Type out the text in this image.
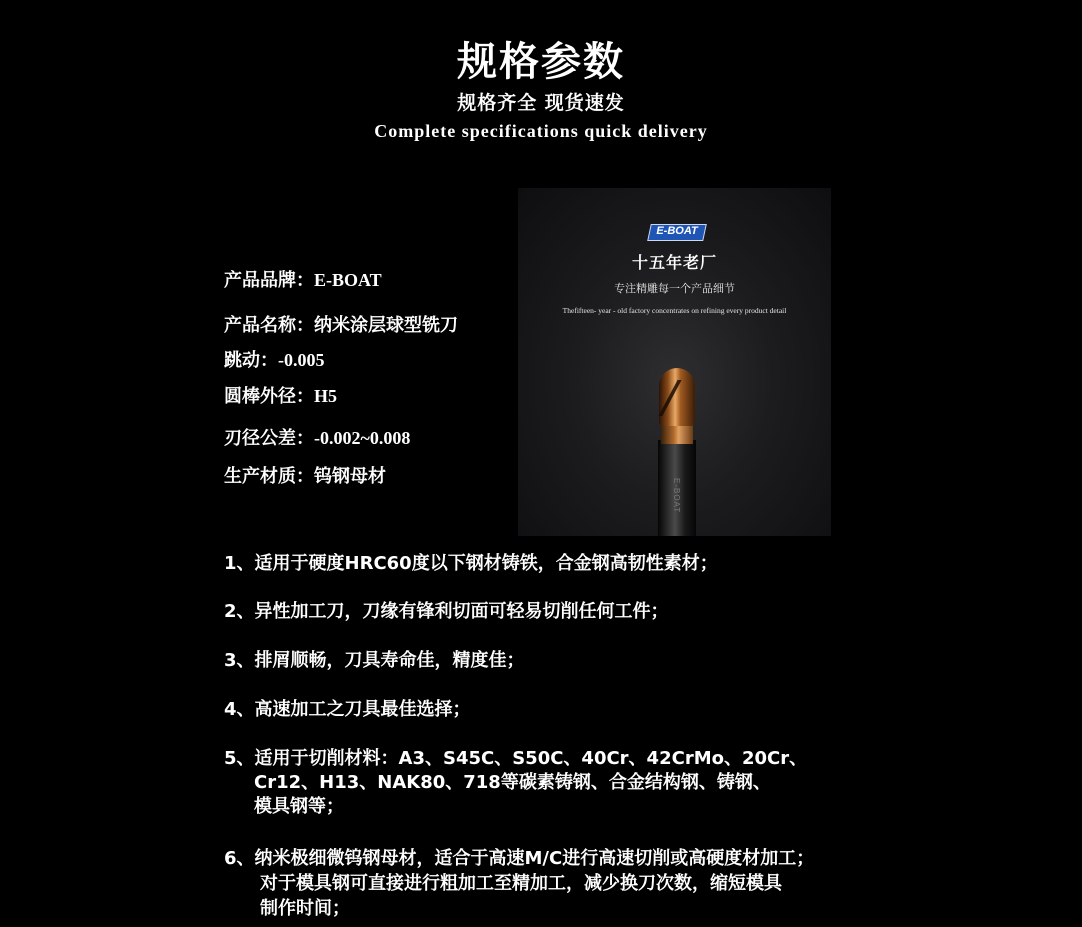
规格参数
规格齐全 现货速发
Complete specifications quick delivery
产品品牌：E-BOAT
产品名称：纳米涂层球型铣刀
跳动：-0.005
圆棒外径：H5
刃径公差：-0.002~0.008
生产材质：钨钢母材
E-BOAT
十五年老厂
专注精雕每一个产品细节
Thefifteen- year - old factory concentrates on refining every product detail
E-BOAT
1、适用于硬度HRC60度以下钢材铸铁，合金钢高韧性素材；
2、异性加工刀，刀缘有锋利切面可轻易切削任何工件；
3、排屑顺畅，刀具寿命佳，精度佳；
4、高速加工之刀具最佳选择；
5、适用于切削材料：A3、S45C、S50C、40Cr、42CrMo、20Cr、
Cr12、H13、NAK80、718等碳素铸钢、合金结构钢、铸钢、
模具钢等；
6、纳米极细微钨钢母材，适合于高速M/C进行高速切削或高硬度材加工；
对于模具钢可直接进行粗加工至精加工，减少换刀次数，缩短模具
制作时间；
